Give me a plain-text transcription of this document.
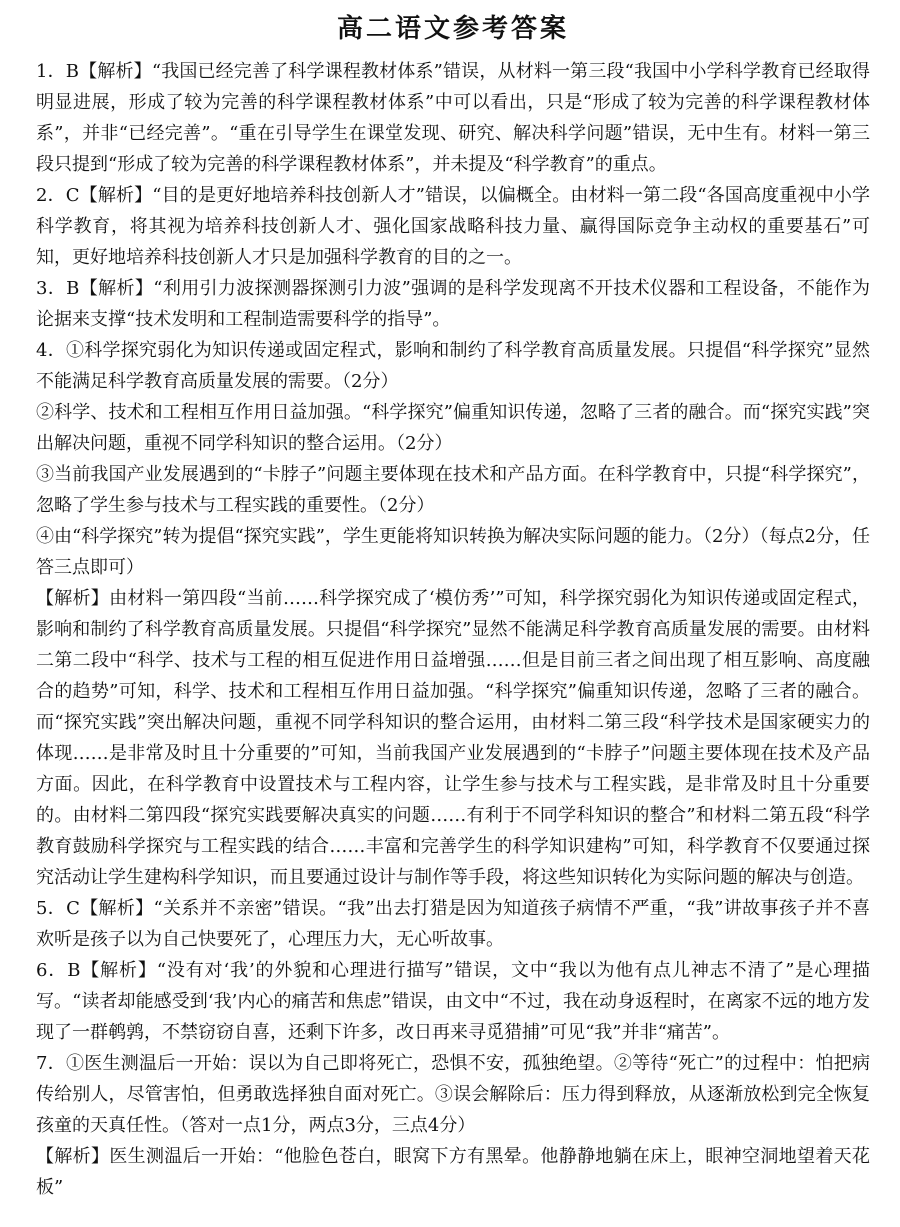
高二语文参考答案

1．B【解析】“我国已经完善了科学课程教材体系”错误，从材料一第三段“我国中小学科学教育已经取得明显进展，形成了较为完善的科学课程教材体系”中可以看出，只是“形成了较为完善的科学课程教材体系”，并非“已经完善”。“重在引导学生在课堂发现、研究、解决科学问题”错误，无中生有。材料一第三段只提到“形成了较为完善的科学课程教材体系”，并未提及“科学教育”的重点。

2．C【解析】“目的是更好地培养科技创新人才”错误，以偏概全。由材料一第二段“各国高度重视中小学科学教育，将其视为培养科技创新人才、强化国家战略科技力量、赢得国际竞争主动权的重要基石”可知，更好地培养科技创新人才只是加强科学教育的目的之一。

3．B【解析】“利用引力波探测器探测引力波”强调的是科学发现离不开技术仪器和工程设备，不能作为论据来支撑“技术发明和工程制造需要科学的指导”。

4．①科学探究弱化为知识传递或固定程式，影响和制约了科学教育高质量发展。只提倡“科学探究”显然不能满足科学教育高质量发展的需要。（2分）

②科学、技术和工程相互作用日益加强。“科学探究”偏重知识传递，忽略了三者的融合。而“探究实践”突出解决问题，重视不同学科知识的整合运用。（2分）

③当前我国产业发展遇到的“卡脖子”问题主要体现在技术和产品方面。在科学教育中，只提“科学探究”，忽略了学生参与技术与工程实践的重要性。（2分）

④由“科学探究”转为提倡“探究实践”，学生更能将知识转换为解决实际问题的能力。（2分）（每点2分，任答三点即可）

【解析】由材料一第四段“当前……科学探究成了‘模仿秀’”可知，科学探究弱化为知识传递或固定程式，影响和制约了科学教育高质量发展。只提倡“科学探究”显然不能满足科学教育高质量发展的需要。由材料二第二段中“科学、技术与工程的相互促进作用日益增强……但是目前三者之间出现了相互影响、高度融合的趋势”可知，科学、技术和工程相互作用日益加强。“科学探究”偏重知识传递，忽略了三者的融合。而“探究实践”突出解决问题，重视不同学科知识的整合运用，由材料二第三段“科学技术是国家硬实力的体现……是非常及时且十分重要的”可知，当前我国产业发展遇到的“卡脖子”问题主要体现在技术及产品方面。因此，在科学教育中设置技术与工程内容，让学生参与技术与工程实践，是非常及时且十分重要的。由材料二第四段“探究实践要解决真实的问题……有利于不同学科知识的整合”和材料二第五段“科学教育鼓励科学探究与工程实践的结合……丰富和完善学生的科学知识建构”可知，科学教育不仅要通过探究活动让学生建构科学知识，而且要通过设计与制作等手段，将这些知识转化为实际问题的解决与创造。

5．C【解析】“关系并不亲密”错误。“我”出去打猎是因为知道孩子病情不严重，“我”讲故事孩子并不喜欢听是孩子以为自己快要死了，心理压力大，无心听故事。

6．B【解析】“没有对‘我’的外貌和心理进行描写”错误，文中“我以为他有点儿神志不清了”是心理描写。“读者却能感受到‘我’内心的痛苦和焦虑”错误，由文中“不过，我在动身返程时，在离家不远的地方发现了一群鹌鹑，不禁窃窃自喜，还剩下许多，改日再来寻觅猎捕”可见“我”并非“痛苦”。

7．①医生测温后一开始：误以为自己即将死亡，恐惧不安，孤独绝望。②等待“死亡”的过程中：怕把病传给别人，尽管害怕，但勇敢选择独自面对死亡。③误会解除后：压力得到释放，从逐渐放松到完全恢复孩童的天真任性。（答对一点1分，两点3分，三点4分）

【解析】医生测温后一开始：“他脸色苍白，眼窝下方有黑晕。他静静地躺在床上，眼神空洞地望着天花板”
